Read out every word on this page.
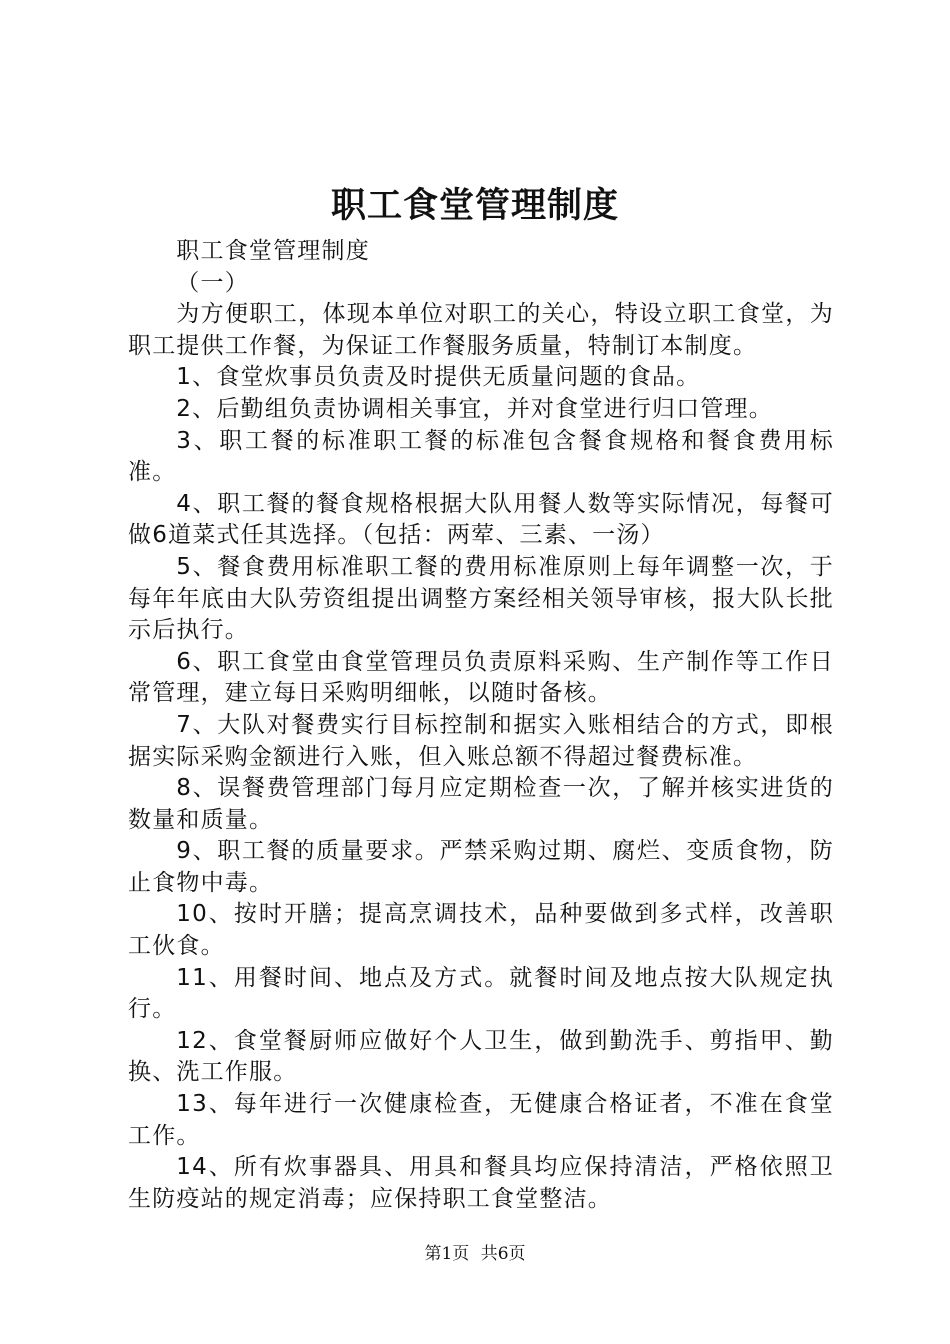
职工食堂管理制度

职工食堂管理制度

（一）

为方便职工，体现本单位对职工的关心，特设立职工食堂，为职工提供工作餐，为保证工作餐服务质量，特制订本制度。

1、食堂炊事员负责及时提供无质量问题的食品。

2、后勤组负责协调相关事宜，并对食堂进行归口管理。

3、职工餐的标准职工餐的标准包含餐食规格和餐食费用标准。

4、职工餐的餐食规格根据大队用餐人数等实际情况，每餐可做6道菜式任其选择。（包括：两荤、三素、一汤）

5、餐食费用标准职工餐的费用标准原则上每年调整一次，于每年年底由大队劳资组提出调整方案经相关领导审核，报大队长批示后执行。

6、职工食堂由食堂管理员负责原料采购、生产制作等工作日常管理，建立每日采购明细帐，以随时备核。

7、大队对餐费实行目标控制和据实入账相结合的方式，即根据实际采购金额进行入账，但入账总额不得超过餐费标准。

8、误餐费管理部门每月应定期检查一次，了解并核实进货的数量和质量。

9、职工餐的质量要求。严禁采购过期、腐烂、变质食物，防止食物中毒。

10、按时开膳；提高烹调技术，品种要做到多式样，改善职工伙食。

11、用餐时间、地点及方式。就餐时间及地点按大队规定执行。

12、食堂餐厨师应做好个人卫生，做到勤洗手、剪指甲、勤换、洗工作服。

13、每年进行一次健康检查，无健康合格证者，不准在食堂工作。

14、所有炊事器具、用具和餐具均应保持清洁，严格依照卫生防疫站的规定消毒；应保持职工食堂整洁。

第1页 共6页
